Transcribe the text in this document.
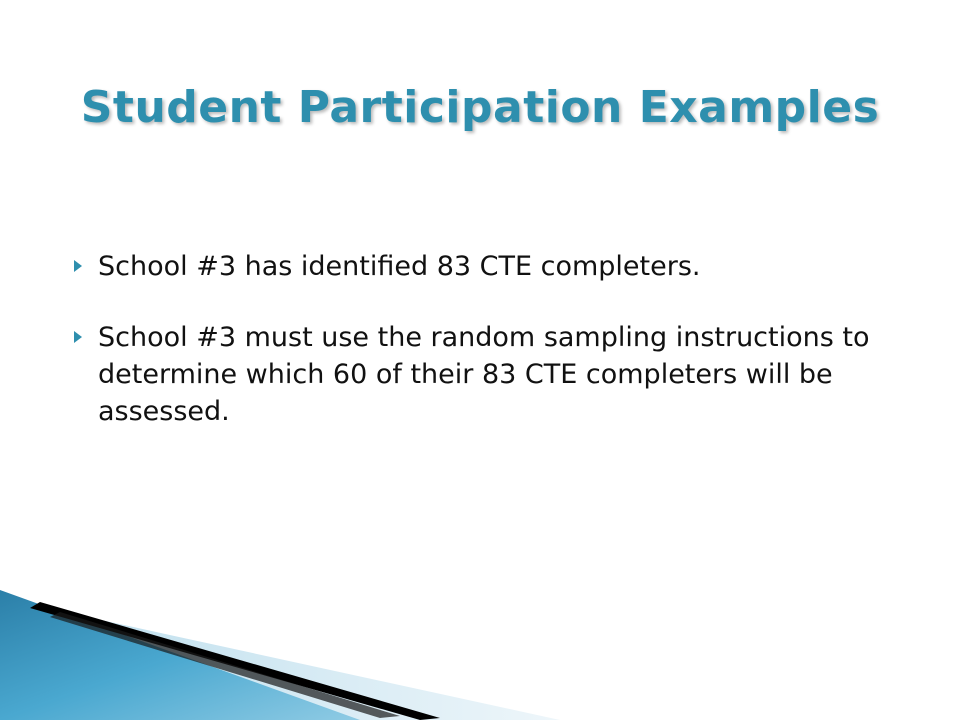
Student Participation Examples
School #3 has identified 83 CTE completers.
School #3 must use the random sampling instructions to determine which 60 of their 83 CTE completers will be assessed.
